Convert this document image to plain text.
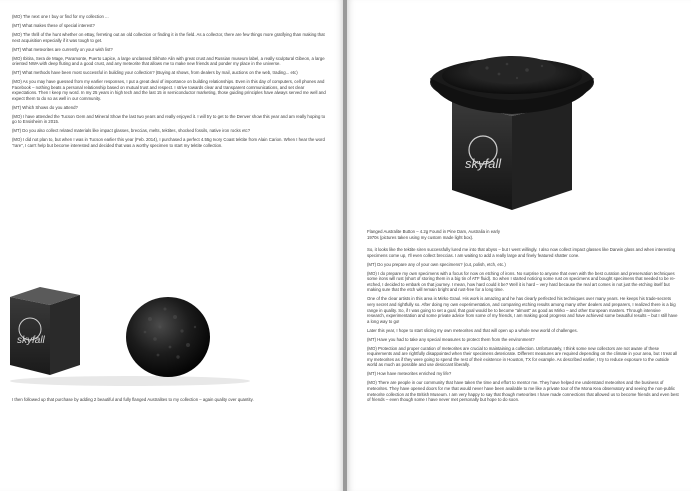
(MO) The next one I buy or find for my collection ...

(MT) What makes these of special interest?

(MO) The thrill of the hunt whether on eBay, ferreting out an old collection or finding it in the field. As a collector, there are few things more gratifying than making that next acquisition especially if it was tough to get.

(MT) What meteorites are currently on your wish list?

(MO) Ibitira, Sera de Mage, Paramonte, Puerto Lapice, a large unclassed Sikhote Alin with great crust and Russian museum label, a really sculptural Gibeon, a large oriented NWA with deep fluting and a good crust, and any meteorite that allows me to make new friends and ponder my place in the universe.

(MT) What methods have been most successful in building your collection? (Buying at shows, from dealers by mail, auctions on the web, trading... etc)

(MO) As you may have guessed from my earlier responses, I put a great deal of importance on building relationships. Even in this day of computers, cell phones and Facebook – nothing beats a personal relationship based on mutual trust and respect. I strive towards clear and transparent communications, and set clear expectations. Then I keep my word. In my 25 years in high tech and the last 15 in semiconductor marketing, those guiding principles have always served me well and expect them to do so as well in our community.

(MT) Which Shows do you attend?

(MO) I have attended the Tucson Gem and Mineral Show the last two years and really enjoyed it. I will try to get to the Denver show this year and am really hoping to go to Ensisheim in 2015.

(MT) Do you also collect related materials like impact glasses, breccias, melts, tektites, shocked fossils, native iron rocks etc?

(MO) I did not plan to, but when I was in Tucson earlier this year (Feb. 2014), I purchased a perfect 4.55g Ivory Coast tektite from Alain Carion. When I hear the word "rare", I can't help but become interested and decided that was a worthy specimen to start my tektite collection.

skyfall
I then followed up that purchase by adding 2 beautiful and fully flanged Australites to my collection – again quality over quantity.
skyfall
Flanged Australite Button – 4.2g Found in Pine Dam, Australia in early
1970s (pictures taken using my custom made light box).

So, it looks like the tektite siren successfully lured me into that abyss – but I went willingly. I also now collect impact glasses like Darwin glass and when interesting specimens come up, I'll even collect breccias. I am waiting to add a really large and finely featured shatter cone.

(MT) Do you prepare any of your own specimens? (cut, polish, etch, etc.)

(MO) I do prepare my own specimens with a focus for now on etching of irons. No surprise to anyone that even with the best curation and preservation techniques some irons will rust (short of storing them in a big tin of ATF fluid). So when I started noticing some rust on specimens and bought specimens that needed to be re-etched, I decided to embark on that journey. I mean, how hard could it be? Well it is hard – very hard because the real art comes in not just the etching itself but making sure that the etch will remain bright and rust-free for a long time.

One of the clear artists in this area is Mirko Graul. His work is amazing and he has clearly perfected his techniques over many years. He keeps his trade-secrets very secret and rightfully so. After doing my own experimentation, and comparing etching results among many other dealers and preparers, I realized there is a big range in quality. So, if I was going to set a goal, that goal would be to become "almost" as good as Mirko – and other European masters. Through intensive research, experimentation and some private advice from some of my friends, I am making good progress and have achieved some beautiful results – but I still have a long way to go!

Later this year, I hope to start slicing my own meteorites and that will open up a whole new world of challenges.

(MT) Have you had to take any special measures to protect them from the environment?

(MO) Protection and proper curation of meteorites are crucial to maintaining a collection. Unfortunately, I think some new collectors are not aware of these requirements and are rightfully disappointed when their specimens deteriorate. Different measures are required depending on the climate in your area, but I treat all my meteorites as if they were going to spend the rest of their existence in Houston, TX for example. As described earlier, I try to reduce exposure to the outside world as much as possible and use desiccant liberally.

(MT) How have meteorites enriched my life?

(MO) There are people in our community that have taken the time and effort to mentor me. They have helped me understand meteorites and the business of meteorites. They have opened doors for me that would never have been available to me like a private tour of the Mona Kea observatory and seeing the non-public meteorite collection at the British Museum. I am very happy to say that though meteorites I have made connections that allowed us to become friends and even best of friends – even though some I have never met personally but hope to do soon.
